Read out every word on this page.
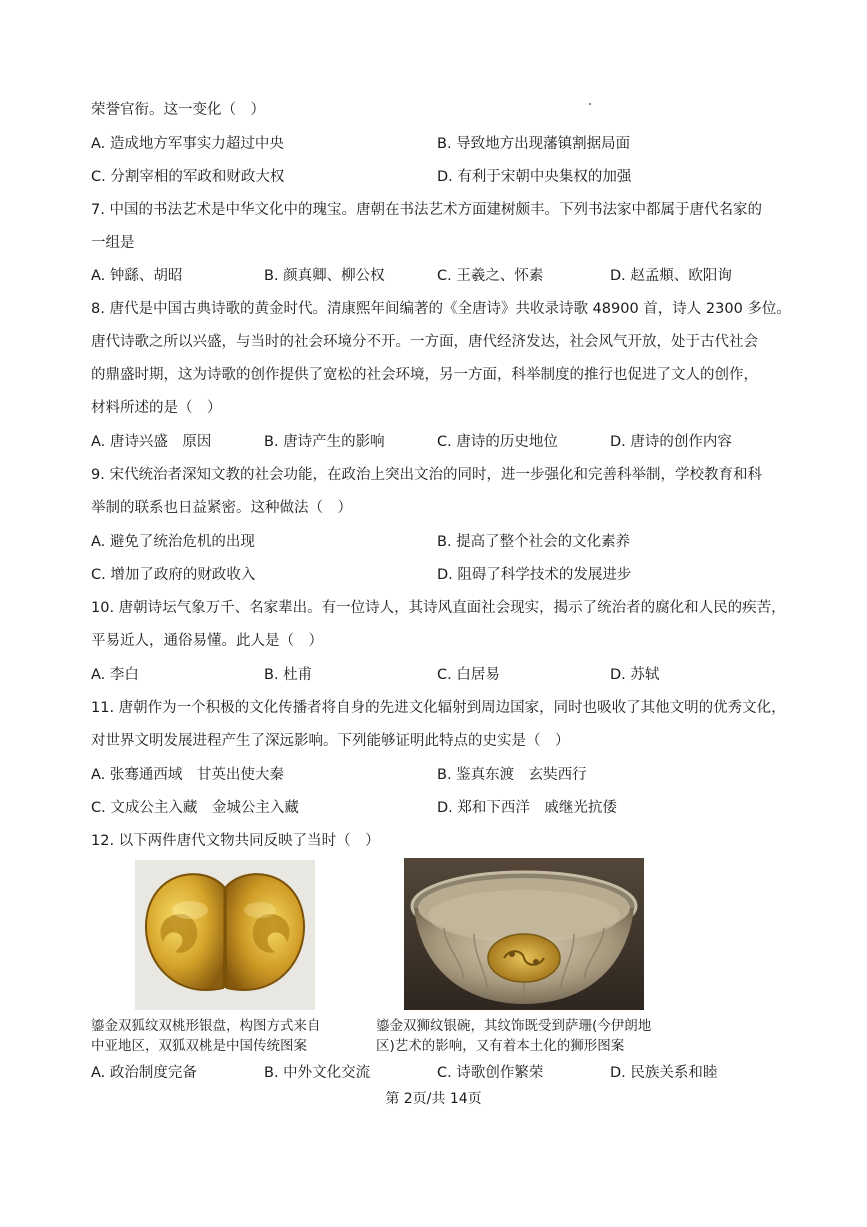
荣誉官衔。这一变化（　）
A. 造成地方军事实力超过中央	B. 导致地方出现藩镇割据局面
C. 分割宰相的军政和财政大权	D. 有利于宋朝中央集权的加强
7. 中国的书法艺术是中华文化中的瑰宝。唐朝在书法艺术方面建树颇丰。下列书法家中都属于唐代名家的
一组是
A. 钟繇、胡昭	B. 颜真卿、柳公权	C. 王羲之、怀素	D. 赵孟頫、欧阳询
8. 唐代是中国古典诗歌的黄金时代。清康熙年间编著的《全唐诗》共收录诗歌 48900 首，诗人 2300 多位。
唐代诗歌之所以兴盛，与当时的社会环境分不开。一方面，唐代经济发达，社会风气开放，处于古代社会
的鼎盛时期，这为诗歌的创作提供了宽松的社会环境，另一方面，科举制度的推行也促进了文人的创作，
材料所述的是（　）
A. 唐诗兴盛　原因	B. 唐诗产生的影响	C. 唐诗的历史地位	D. 唐诗的创作内容
9. 宋代统治者深知文教的社会功能，在政治上突出文治的同时，进一步强化和完善科举制，学校教育和科
举制的联系也日益紧密。这种做法（　）
A. 避免了统治危机的出现	B. 提高了整个社会的文化素养
C. 增加了政府的财政收入	D. 阻碍了科学技术的发展进步
10. 唐朝诗坛气象万千、名家辈出。有一位诗人，其诗风直面社会现实，揭示了统治者的腐化和人民的疾苦，
平易近人，通俗易懂。此人是（　）
A. 李白	B. 杜甫	C. 白居易	D. 苏轼
11. 唐朝作为一个积极的文化传播者将自身的先进文化辐射到周边国家，同时也吸收了其他文明的优秀文化，
对世界文明发展进程产生了深远影响。下列能够证明此特点的史实是（　）
A. 张骞通西域　甘英出使大秦	B. 鉴真东渡　玄奘西行
C. 文成公主入藏　金城公主入藏	D. 郑和下西洋　戚继光抗倭
12. 以下两件唐代文物共同反映了当时（　）
鎏金双狐纹双桃形银盘，构图方式来自
中亚地区，双狐双桃是中国传统图案
鎏金双狮纹银碗，其纹饰既受到萨珊(今伊朗地
区)艺术的影响，又有着本土化的狮形图案
A. 政治制度完备	B. 中外文化交流	C. 诗歌创作繁荣	D. 民族关系和睦
第 2页/共 14页
